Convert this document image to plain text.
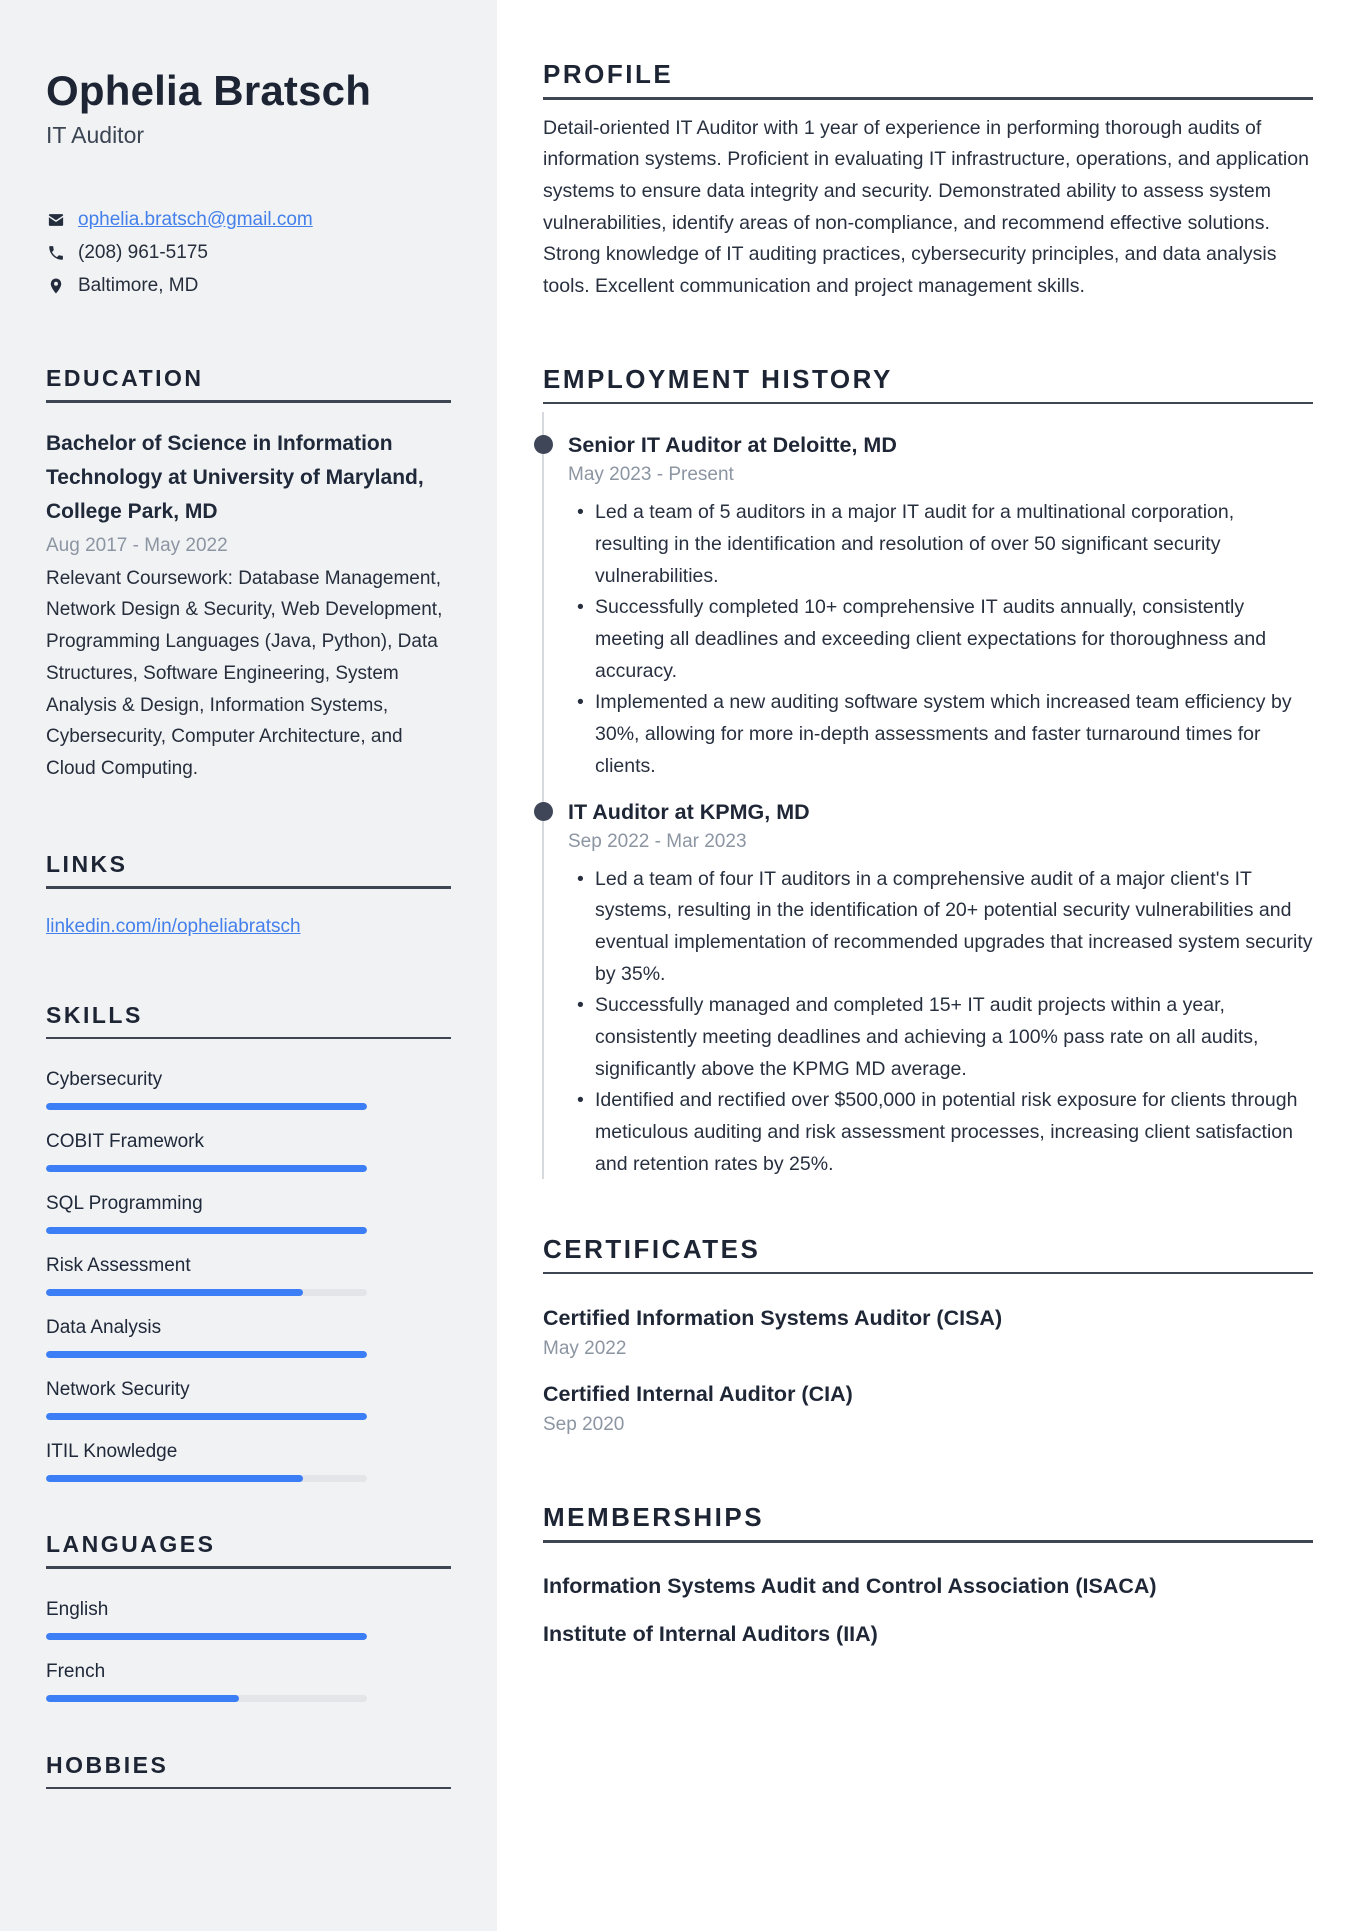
Ophelia Bratsch
IT Auditor
ophelia.bratsch@gmail.com
(208) 961-5175
Baltimore, MD
EDUCATION
Bachelor of Science in Information Technology at University of Maryland, College Park, MD
Aug 2017 - May 2022
Relevant Coursework: Database Management, Network Design & Security, Web Development, Programming Languages (Java, Python), Data Structures, Software Engineering, System Analysis & Design, Information Systems, Cybersecurity, Computer Architecture, and Cloud Computing.
LINKS
linkedin.com/in/opheliabratsch
SKILLS
Cybersecurity
COBIT Framework
SQL Programming
Risk Assessment
Data Analysis
Network Security
ITIL Knowledge
LANGUAGES
English
French
HOBBIES
PROFILE
Detail-oriented IT Auditor with 1 year of experience in performing thorough audits of information systems. Proficient in evaluating IT infrastructure, operations, and application systems to ensure data integrity and security. Demonstrated ability to assess system vulnerabilities, identify areas of non-compliance, and recommend effective solutions. Strong knowledge of IT auditing practices, cybersecurity principles, and data analysis tools. Excellent communication and project management skills.
EMPLOYMENT HISTORY
Senior IT Auditor at Deloitte, MD
May 2023 - Present
• Led a team of 5 auditors in a major IT audit for a multinational corporation, resulting in the identification and resolution of over 50 significant security vulnerabilities.
• Successfully completed 10+ comprehensive IT audits annually, consistently meeting all deadlines and exceeding client expectations for thoroughness and accuracy.
• Implemented a new auditing software system which increased team efficiency by 30%, allowing for more in-depth assessments and faster turnaround times for clients.
IT Auditor at KPMG, MD
Sep 2022 - Mar 2023
• Led a team of four IT auditors in a comprehensive audit of a major client's IT systems, resulting in the identification of 20+ potential security vulnerabilities and eventual implementation of recommended upgrades that increased system security by 35%.
• Successfully managed and completed 15+ IT audit projects within a year, consistently meeting deadlines and achieving a 100% pass rate on all audits, significantly above the KPMG MD average.
• Identified and rectified over $500,000 in potential risk exposure for clients through meticulous auditing and risk assessment processes, increasing client satisfaction and retention rates by 25%.
CERTIFICATES
Certified Information Systems Auditor (CISA)
May 2022
Certified Internal Auditor (CIA)
Sep 2020
MEMBERSHIPS
Information Systems Audit and Control Association (ISACA)
Institute of Internal Auditors (IIA)
